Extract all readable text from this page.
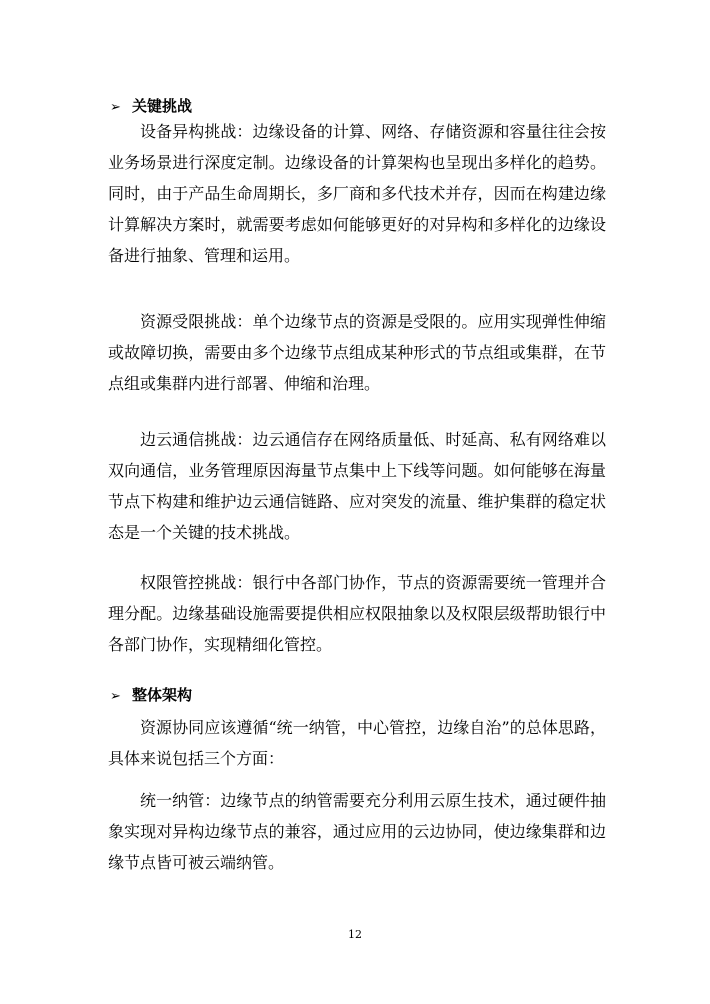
➢ 关键挑战
设备异构挑战：边缘设备的计算、网络、存储资源和容量往往会按业务场景进行深度定制。边缘设备的计算架构也呈现出多样化的趋势。同时，由于产品生命周期长，多厂商和多代技术并存，因而在构建边缘计算解决方案时，就需要考虑如何能够更好的对异构和多样化的边缘设备进行抽象、管理和运用。
资源受限挑战：单个边缘节点的资源是受限的。应用实现弹性伸缩或故障切换，需要由多个边缘节点组成某种形式的节点组或集群，在节点组或集群内进行部署、伸缩和治理。
边云通信挑战：边云通信存在网络质量低、时延高、私有网络难以双向通信，业务管理原因海量节点集中上下线等问题。如何能够在海量节点下构建和维护边云通信链路、应对突发的流量、维护集群的稳定状态是一个关键的技术挑战。
权限管控挑战：银行中各部门协作，节点的资源需要统一管理并合理分配。边缘基础设施需要提供相应权限抽象以及权限层级帮助银行中各部门协作，实现精细化管控。
➢ 整体架构
资源协同应该遵循“统一纳管，中心管控，边缘自治”的总体思路，具体来说包括三个方面：
统一纳管：边缘节点的纳管需要充分利用云原生技术，通过硬件抽象实现对异构边缘节点的兼容，通过应用的云边协同，使边缘集群和边缘节点皆可被云端纳管。
12
